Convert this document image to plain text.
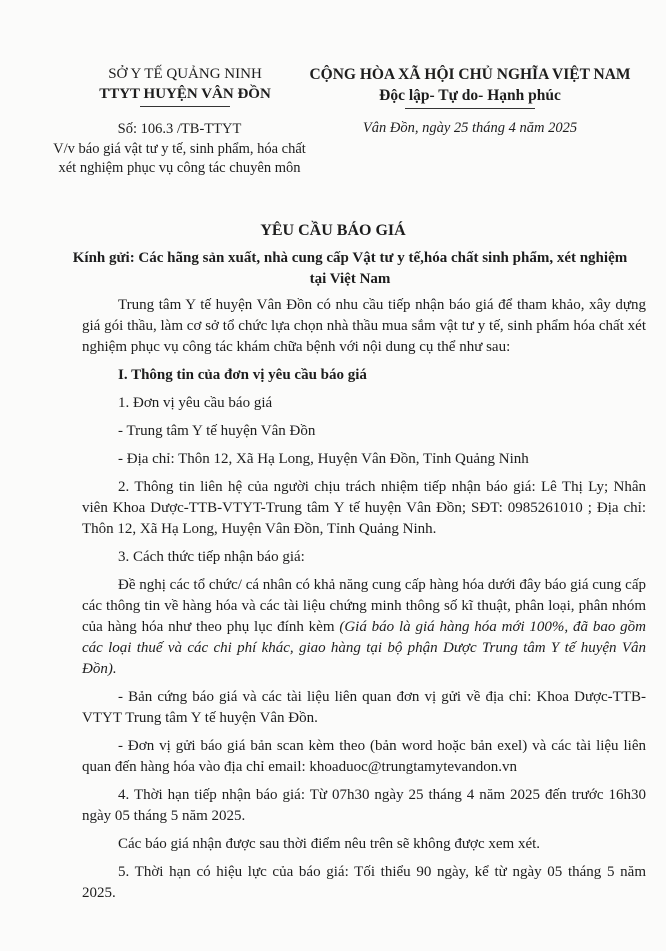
SỞ Y TẾ QUẢNG NINH
TTYT HUYỆN VÂN ĐỒN
CỘNG HÒA XÃ HỘI CHỦ NGHĨA VIỆT NAM
Độc lập- Tự do- Hạnh phúc
Số: 106.3 /TB-TTYT
V/v báo giá vật tư y tế, sinh phẩm, hóa chất xét nghiệm phục vụ công tác chuyên môn
Vân Đồn, ngày 25 tháng 4 năm 2025
YÊU CẦU BÁO GIÁ
Kính gửi: Các hãng sản xuất, nhà cung cấp Vật tư y tế,hóa chất sinh phẩm, xét nghiệm tại Việt Nam

Trung tâm Y tế huyện Vân Đồn có nhu cầu tiếp nhận báo giá để tham khảo, xây dựng giá gói thầu, làm cơ sở tổ chức lựa chọn nhà thầu mua sắm vật tư y tế, sinh phẩm hóa chất xét nghiệm phục vụ công tác khám chữa bệnh với nội dung cụ thể như sau:

I. Thông tin của đơn vị yêu cầu báo giá

1. Đơn vị yêu cầu báo giá

- Trung tâm Y tế huyện Vân Đồn

- Địa chỉ: Thôn 12, Xã Hạ Long, Huyện Vân Đồn, Tỉnh Quảng Ninh

2. Thông tin liên hệ của người chịu trách nhiệm tiếp nhận báo giá: Lê Thị Ly; Nhân viên Khoa Dược-TTB-VTYT-Trung tâm Y tế huyện Vân Đồn; SĐT: 0985261010 ; Địa chỉ: Thôn 12, Xã Hạ Long, Huyện Vân Đồn, Tỉnh Quảng Ninh.

3. Cách thức tiếp nhận báo giá:

Đề nghị các tổ chức/ cá nhân có khả năng cung cấp hàng hóa dưới đây báo giá cung cấp các thông tin về hàng hóa và các tài liệu chứng minh thông số kĩ thuật, phân loại, phân nhóm của hàng hóa như theo phụ lục đính kèm (Giá báo là giá hàng hóa mới 100%, đã bao gồm các loại thuế và các chi phí khác, giao hàng tại bộ phận Dược Trung tâm Y tế huyện Vân Đồn).

- Bản cứng báo giá và các tài liệu liên quan đơn vị gửi về địa chỉ: Khoa Dược-TTB-VTYT Trung tâm Y tế huyện Vân Đồn.

- Đơn vị gửi báo giá bản scan kèm theo (bản word hoặc bản exel) và các tài liệu liên quan đến hàng hóa vào địa chỉ email: khoaduoc@trungtamytevandon.vn

4. Thời hạn tiếp nhận báo giá: Từ 07h30 ngày 25 tháng 4 năm 2025 đến trước 16h30 ngày 05 tháng 5 năm 2025.

Các báo giá nhận được sau thời điểm nêu trên sẽ không được xem xét.

5. Thời hạn có hiệu lực của báo giá: Tối thiểu 90 ngày, kể từ ngày 05 tháng 5 năm 2025.
